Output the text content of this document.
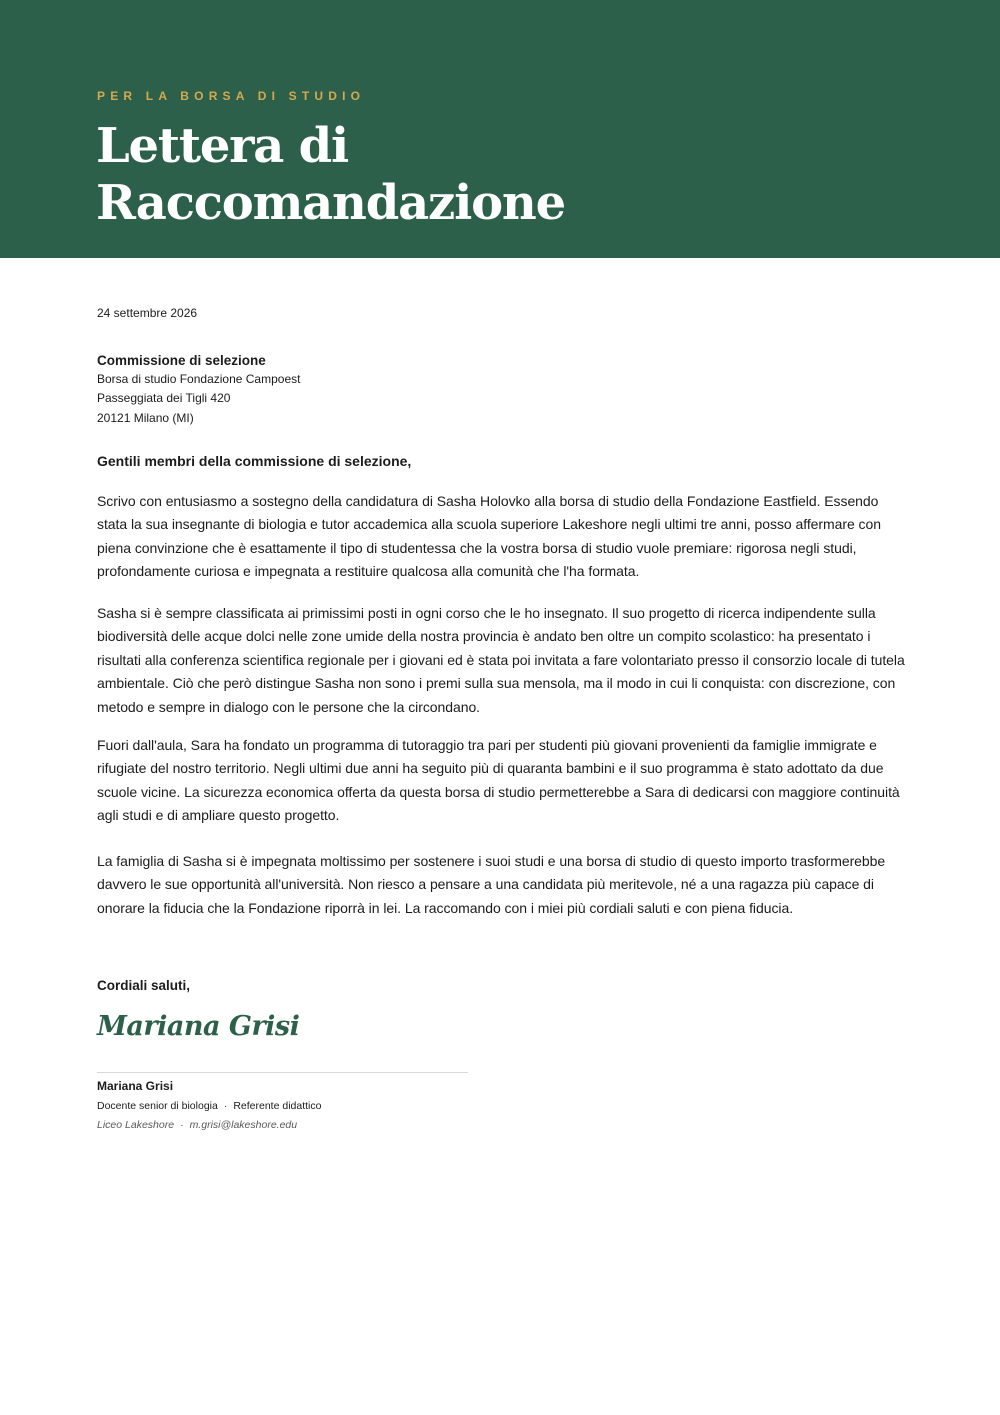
PER LA BORSA DI STUDIO
Lettera di
Raccomandazione
24 settembre 2026
Commissione di selezione
Borsa di studio Fondazione Campoest
Passeggiata dei Tigli 420
20121 Milano (MI)
Gentili membri della commissione di selezione,

Scrivo con entusiasmo a sostegno della candidatura di Sasha Holovko alla borsa di studio della Fondazione Eastfield. Essendo stata la sua insegnante di biologia e tutor accademica alla scuola superiore Lakeshore negli ultimi tre anni, posso affermare con piena convinzione che è esattamente il tipo di studentessa che la vostra borsa di studio vuole premiare: rigorosa negli studi, profondamente curiosa e impegnata a restituire qualcosa alla comunità che l'ha formata.

Sasha si è sempre classificata ai primissimi posti in ogni corso che le ho insegnato. Il suo progetto di ricerca indipendente sulla biodiversità delle acque dolci nelle zone umide della nostra provincia è andato ben oltre un compito scolastico: ha presentato i risultati alla conferenza scientifica regionale per i giovani ed è stata poi invitata a fare volontariato presso il consorzio locale di tutela ambientale. Ciò che però distingue Sasha non sono i premi sulla sua mensola, ma il modo in cui li conquista: con discrezione, con metodo e sempre in dialogo con le persone che la circondano.

Fuori dall'aula, Sara ha fondato un programma di tutoraggio tra pari per studenti più giovani provenienti da famiglie immigrate e rifugiate del nostro territorio. Negli ultimi due anni ha seguito più di quaranta bambini e il suo programma è stato adottato da due scuole vicine. La sicurezza economica offerta da questa borsa di studio permetterebbe a Sara di dedicarsi con maggiore continuità agli studi e di ampliare questo progetto.

La famiglia di Sasha si è impegnata moltissimo per sostenere i suoi studi e una borsa di studio di questo importo trasformerebbe davvero le sue opportunità all'università. Non riesco a pensare a una candidata più meritevole, né a una ragazza più capace di onorare la fiducia che la Fondazione riporrà in lei. La raccomando con i miei più cordiali saluti e con piena fiducia.

Cordiali saluti,
Mariana Grisi
Mariana Grisi
Docente senior di biologia · Referente didattico
Liceo Lakeshore · m.grisi@lakeshore.edu
